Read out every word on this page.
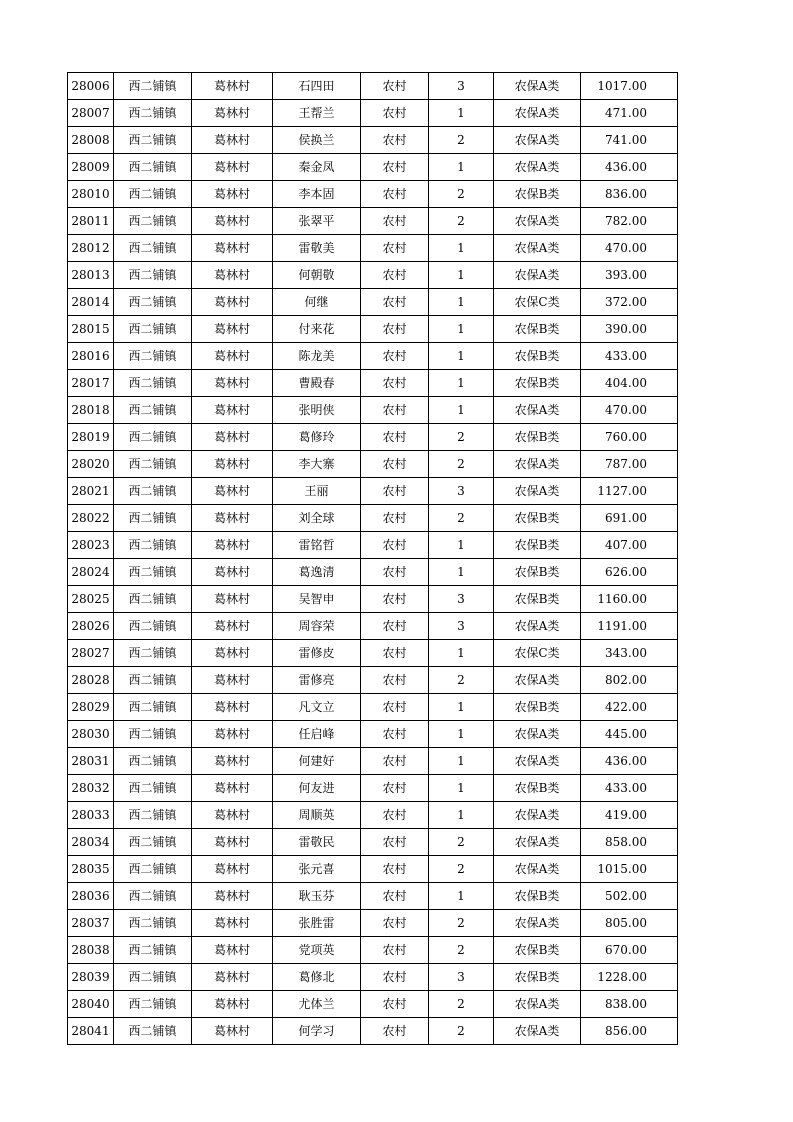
28006	西二铺镇	葛林村	石四田	农村	3	农保A类	1017.00
28007	西二铺镇	葛林村	王帮兰	农村	1	农保A类	471.00
28008	西二铺镇	葛林村	侯换兰	农村	2	农保A类	741.00
28009	西二铺镇	葛林村	秦金凤	农村	1	农保A类	436.00
28010	西二铺镇	葛林村	李本固	农村	2	农保B类	836.00
28011	西二铺镇	葛林村	张翠平	农村	2	农保A类	782.00
28012	西二铺镇	葛林村	雷敬美	农村	1	农保A类	470.00
28013	西二铺镇	葛林村	何朝敬	农村	1	农保A类	393.00
28014	西二铺镇	葛林村	何继	农村	1	农保C类	372.00
28015	西二铺镇	葛林村	付来花	农村	1	农保B类	390.00
28016	西二铺镇	葛林村	陈龙美	农村	1	农保B类	433.00
28017	西二铺镇	葛林村	曹殿春	农村	1	农保B类	404.00
28018	西二铺镇	葛林村	张明侠	农村	1	农保A类	470.00
28019	西二铺镇	葛林村	葛修玲	农村	2	农保B类	760.00
28020	西二铺镇	葛林村	李大寨	农村	2	农保A类	787.00
28021	西二铺镇	葛林村	王丽	农村	3	农保A类	1127.00
28022	西二铺镇	葛林村	刘全球	农村	2	农保B类	691.00
28023	西二铺镇	葛林村	雷铭哲	农村	1	农保B类	407.00
28024	西二铺镇	葛林村	葛逸清	农村	1	农保B类	626.00
28025	西二铺镇	葛林村	吴智申	农村	3	农保B类	1160.00
28026	西二铺镇	葛林村	周容荣	农村	3	农保A类	1191.00
28027	西二铺镇	葛林村	雷修皮	农村	1	农保C类	343.00
28028	西二铺镇	葛林村	雷修亮	农村	2	农保A类	802.00
28029	西二铺镇	葛林村	凡文立	农村	1	农保B类	422.00
28030	西二铺镇	葛林村	任启峰	农村	1	农保A类	445.00
28031	西二铺镇	葛林村	何建好	农村	1	农保A类	436.00
28032	西二铺镇	葛林村	何友进	农村	1	农保B类	433.00
28033	西二铺镇	葛林村	周顺英	农村	1	农保A类	419.00
28034	西二铺镇	葛林村	雷敬民	农村	2	农保A类	858.00
28035	西二铺镇	葛林村	张元喜	农村	2	农保A类	1015.00
28036	西二铺镇	葛林村	耿玉芬	农村	1	农保B类	502.00
28037	西二铺镇	葛林村	张胜雷	农村	2	农保A类	805.00
28038	西二铺镇	葛林村	党项英	农村	2	农保B类	670.00
28039	西二铺镇	葛林村	葛修北	农村	3	农保B类	1228.00
28040	西二铺镇	葛林村	尤体兰	农村	2	农保A类	838.00
28041	西二铺镇	葛林村	何学习	农村	2	农保A类	856.00
